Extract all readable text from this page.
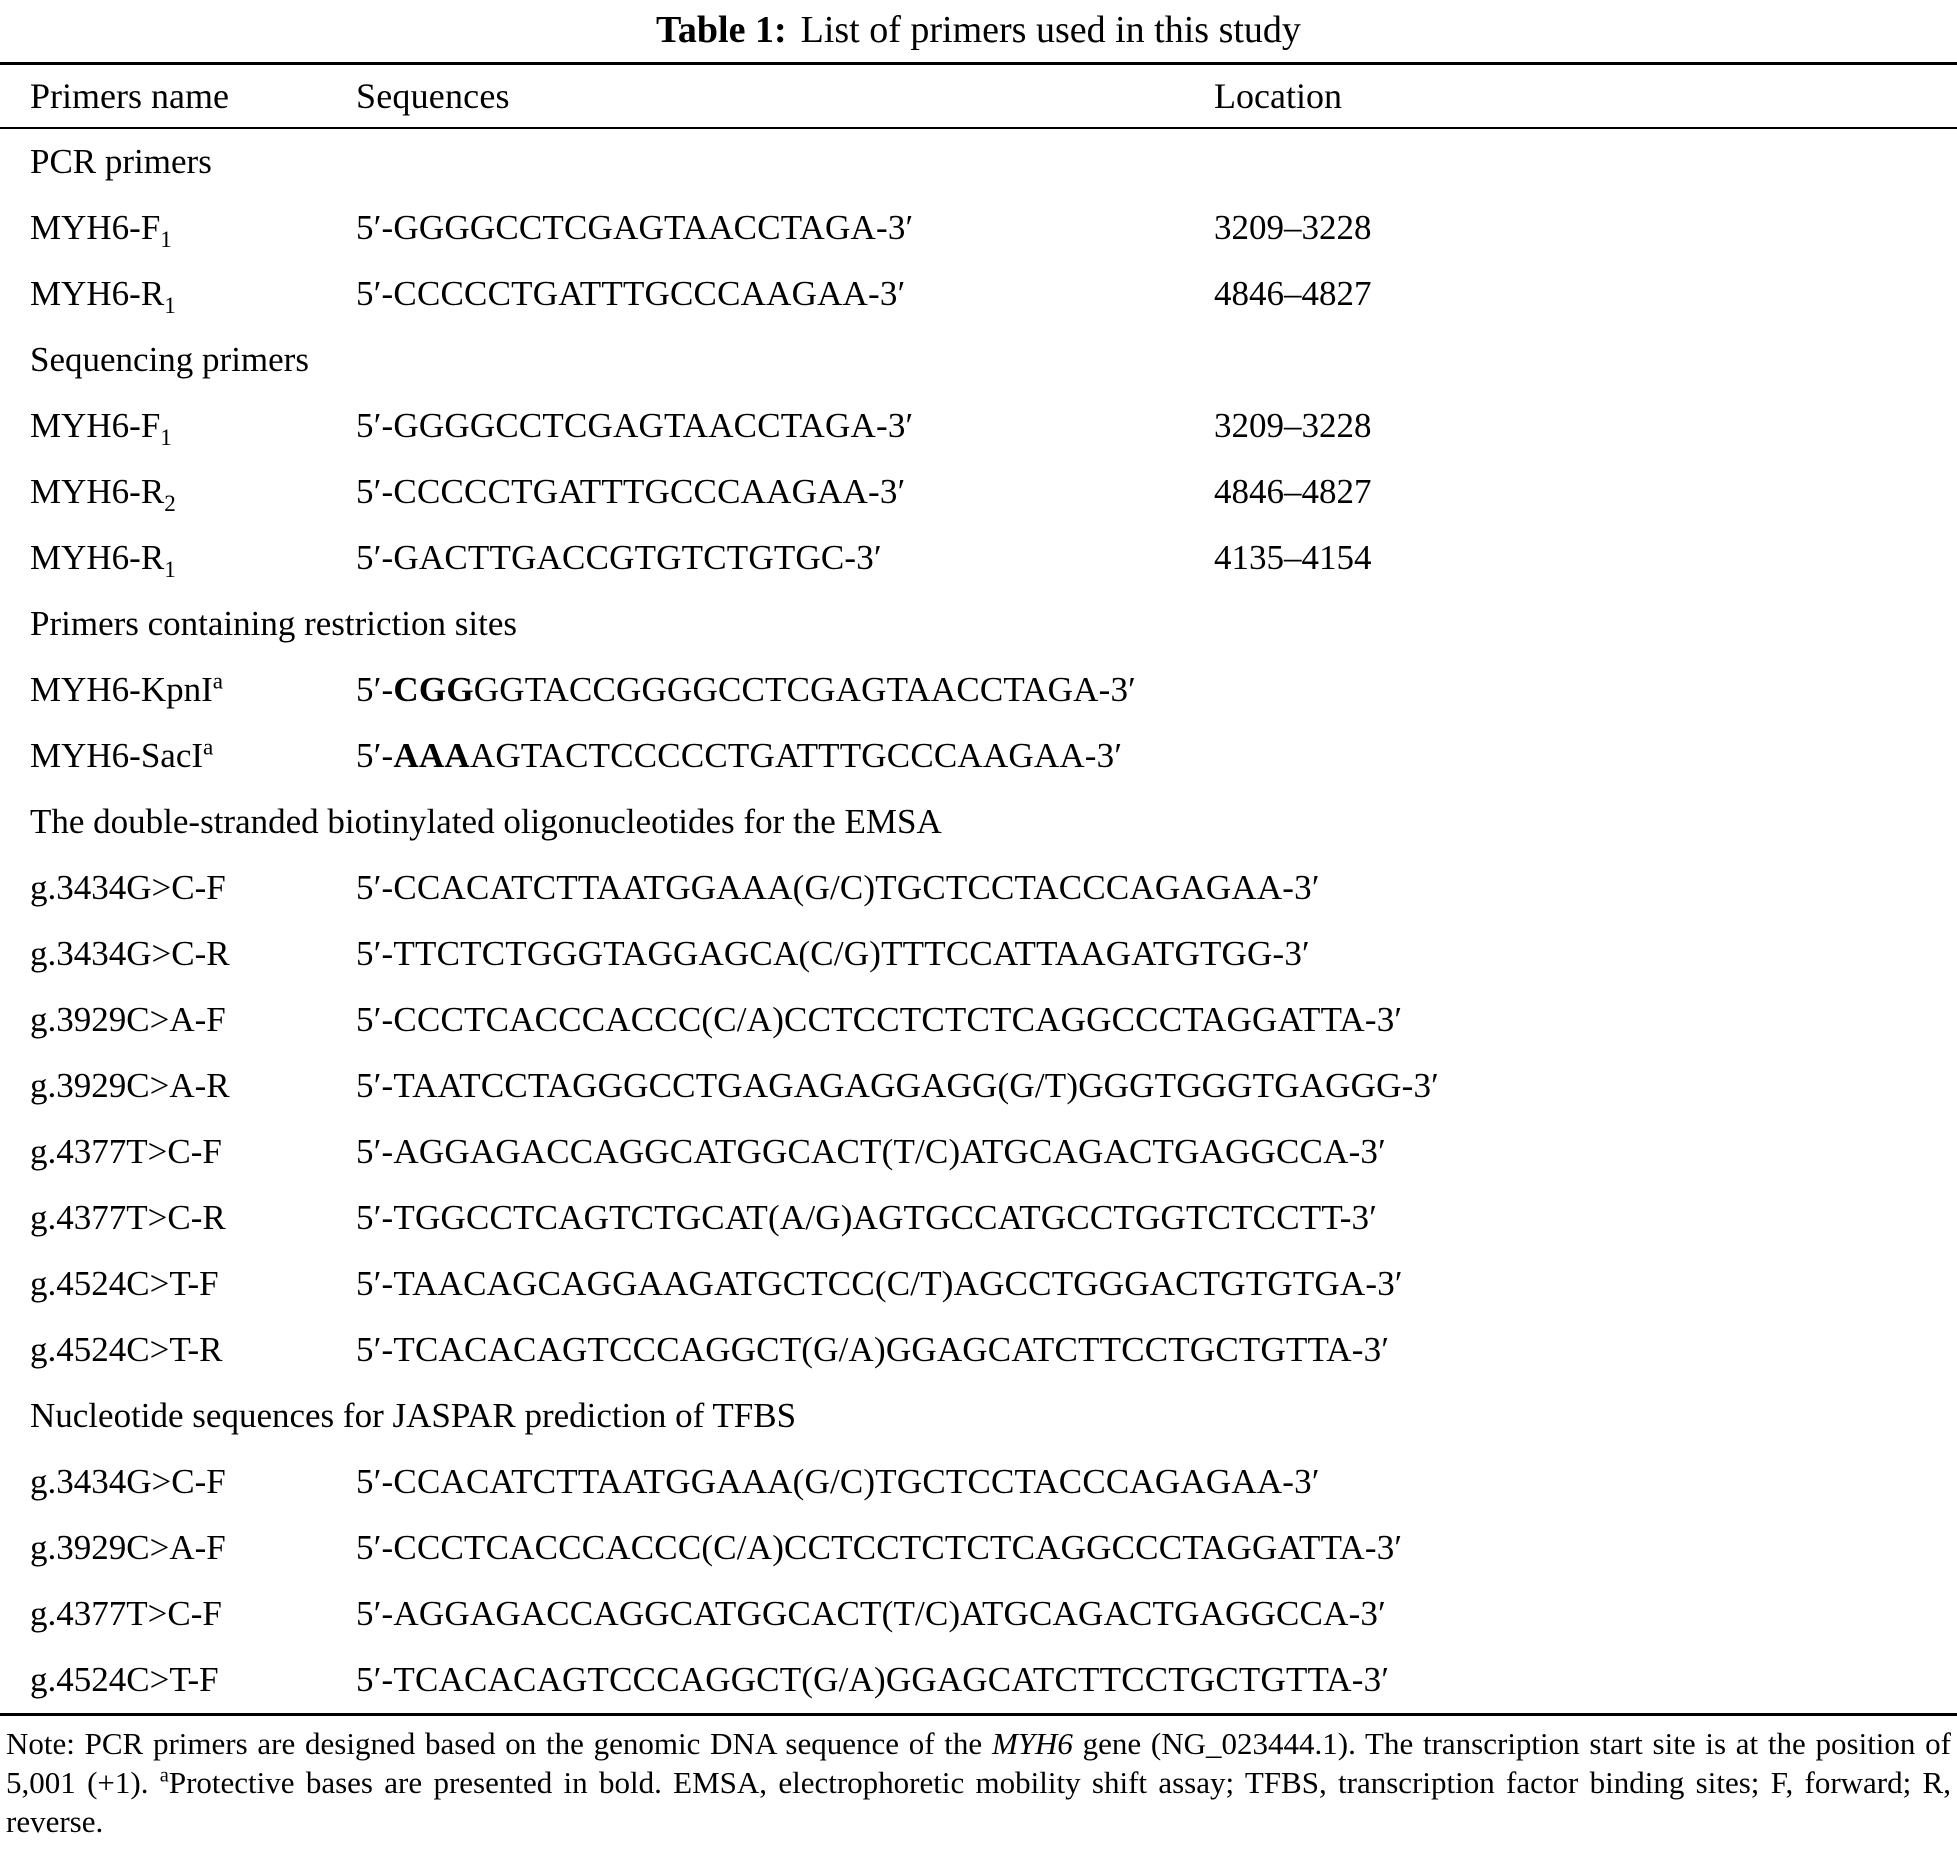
Table 1: List of primers used in this study
Primers name	Sequences	Location
PCR primers
$MYH6-F_1$	5′-GGGGCCTCGAGTAACCTAGA-3′	3209–3228
$MYH6-R_1$	5′-CCCCCTGATTTGCCCAAGAA-3′	4846–4827
Sequencing primers
$MYH6-F_1$	5′-GGGGCCTCGAGTAACCTAGA-3′	3209–3228
$MYH6-R_2$	5′-CCCCCTGATTTGCCCAAGAA-3′	4846–4827
$MYH6-R_1$	5′-GACTTGACCGTGTCTGTGC-3′	4135–4154
Primers containing restriction sites
MYH6-KpnI$^a$	5′-CGGGGTACCGGGGCCTCGAGTAACCTAGA-3′
MYH6-SacI$^a$	5′-AAAAGTACTCCCCCTGATTTGCCCAAGAA-3′
The double-stranded biotinylated oligonucleotides for the EMSA
g.3434G>C-F	5′-CCACATCTTAATGGAAA(G/C)TGCTCCTACCCAGAGAA-3′
g.3434G>C-R	5′-TTCTCTGGGTAGGAGCA(C/G)TTTCCATTAAGATGTGG-3′
g.3929C>A-F	5′-CCCTCACCCACCC(C/A)CCTCCTCTCTCAGGCCCTAGGATTA-3′
g.3929C>A-R	5′-TAATCCTAGGGCCTGAGAGAGGAGG(G/T)GGGTGGGTGAGGG-3′
g.4377T>C-F	5′-AGGAGACCAGGCATGGCACT(T/C)ATGCAGACTGAGGCCA-3′
g.4377T>C-R	5′-TGGCCTCAGTCTGCAT(A/G)AGTGCCATGCCTGGTCTCCTT-3′
g.4524C>T-F	5′-TAACAGCAGGAAGATGCTCC(C/T)AGCCTGGGACTGTGTGA-3′
g.4524C>T-R	5′-TCACACAGTCCCAGGCT(G/A)GGAGCATCTTCCTGCTGTTA-3′
Nucleotide sequences for JASPAR prediction of TFBS
g.3434G>C-F	5′-CCACATCTTAATGGAAA(G/C)TGCTCCTACCCAGAGAA-3′
g.3929C>A-F	5′-CCCTCACCCACCC(C/A)CCTCCTCTCTCAGGCCCTAGGATTA-3′
g.4377T>C-F	5′-AGGAGACCAGGCATGGCACT(T/C)ATGCAGACTGAGGCCA-3′
g.4524C>T-F	5′-TCACACAGTCCCAGGCT(G/A)GGAGCATCTTCCTGCTGTTA-3′
Note: PCR primers are designed based on the genomic DNA sequence of the MYH6 gene (NG_023444.1). The transcription start site is at the position of 5,001 (+1). $^a$Protective bases are presented in bold. EMSA, electrophoretic mobility shift assay; TFBS, transcription factor binding sites; F, forward; R, reverse.
